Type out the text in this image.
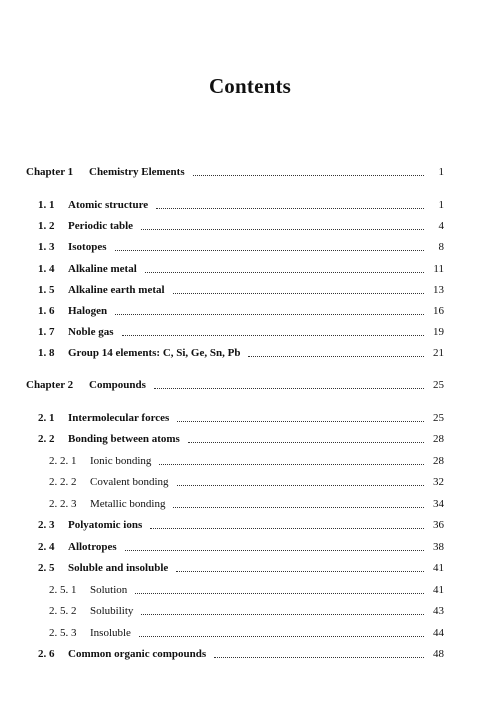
Contents
Chapter 1	Chemistry Elements	1
1. 1	Atomic structure	1
1. 2	Periodic table	4
1. 3	Isotopes	8
1. 4	Alkaline metal	11
1. 5	Alkaline earth metal	13
1. 6	Halogen	16
1. 7	Noble gas	19
1. 8	Group 14 elements: C, Si, Ge, Sn, Pb	21
Chapter 2	Compounds	25
2. 1	Intermolecular forces	25
2. 2	Bonding between atoms	28
2. 2. 1	Ionic bonding	28
2. 2. 2	Covalent bonding	32
2. 2. 3	Metallic bonding	34
2. 3	Polyatomic ions	36
2. 4	Allotropes	38
2. 5	Soluble and insoluble	41
2. 5. 1	Solution	41
2. 5. 2	Solubility	43
2. 5. 3	Insoluble	44
2. 6	Common organic compounds	48
